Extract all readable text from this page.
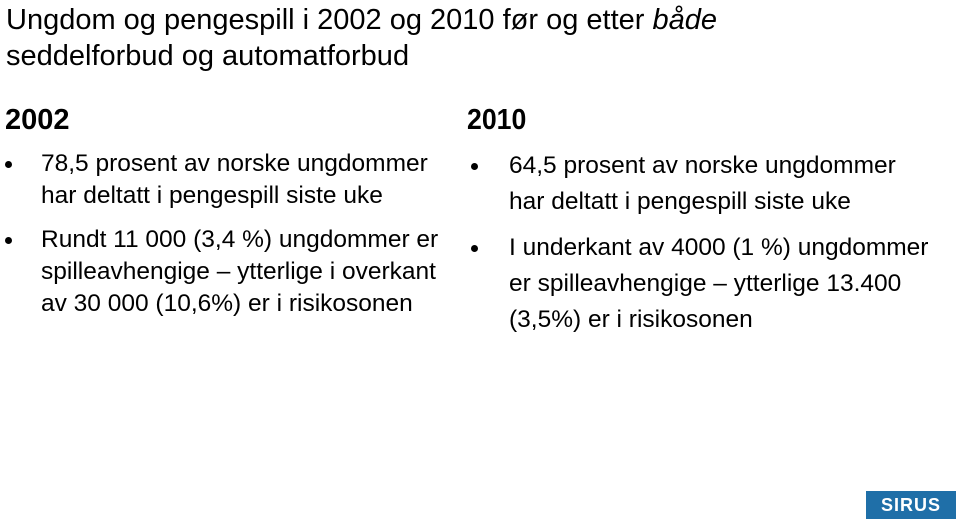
Ungdom og pengespill i 2002 og 2010 før og etter både
seddelforbud og automatforbud
2002
78,5 prosent av norske ungdommer har deltatt i pengespill siste uke
Rundt 11 000 (3,4 %) ungdommer er spilleavhengige – ytterlige i overkant av 30 000 (10,6%) er i risikosonen
2010
64,5 prosent av norske ungdommer har deltatt i pengespill siste uke
I underkant av 4000 (1 %) ungdommer er spilleavhengige – ytterlige 13.400 (3,5%) er i risikosonen
SIRUS
